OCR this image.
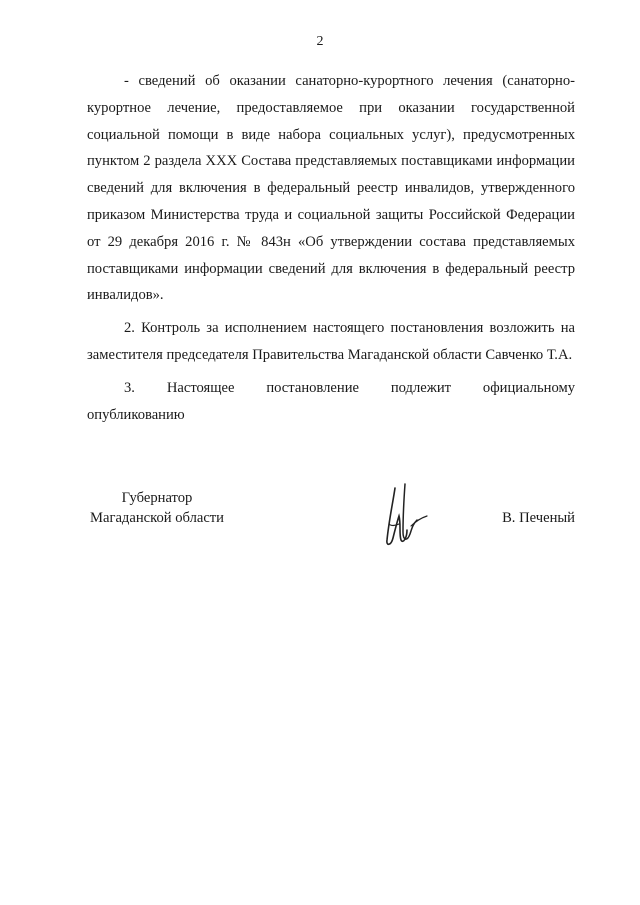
2

- сведений об оказании санаторно-курортного лечения (санаторно-курортное лечение, предоставляемое при оказании государственной социальной помощи в виде набора социальных услуг), предусмотренных пунктом 2 раздела XXX Состава представляемых поставщиками информации сведений для включения в федеральный реестр инвалидов, утвержденного приказом Министерства труда и социальной защиты Российской Федерации от 29 декабря 2016 г. № 843н «Об утверждении состава представляемых поставщиками информации сведений для включения в федеральный реестр инвалидов».

2. Контроль за исполнением настоящего постановления возложить на заместителя председателя Правительства Магаданской области Савченко Т.А.

3. Настоящее постановление подлежит официальному
опубликованию

Губернатор
Магаданской области	В. Печеный
